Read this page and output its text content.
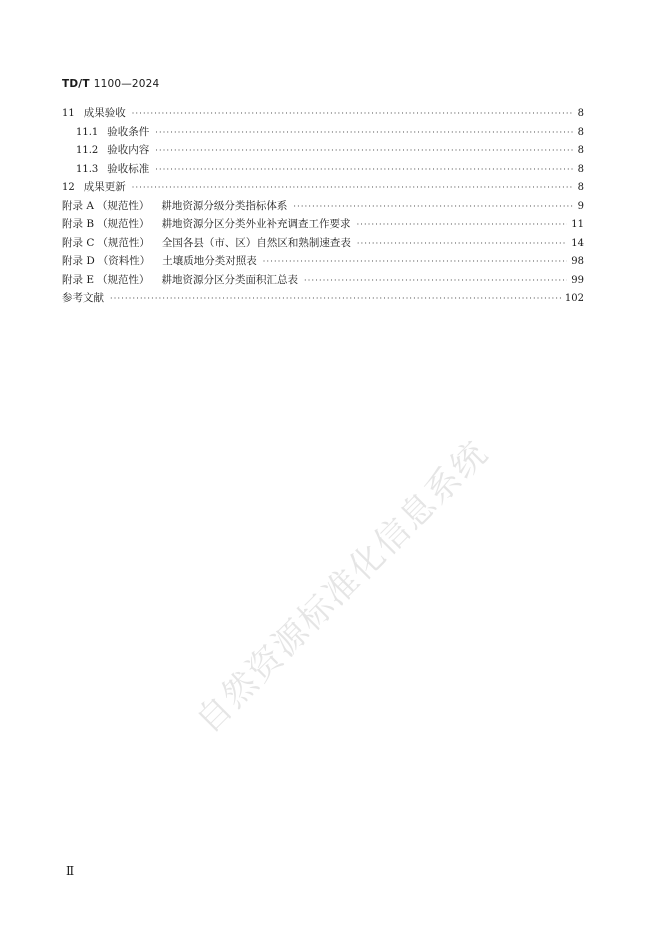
TD/T 1100—2024

11 成果验收 ·····	8
11.1 验收条件 ·····	8
11.2 验收内容 ·····	8
11.3 验收标准 ·····	8
12 成果更新 ·····	8
附录 A （规范性） 耕地资源分级分类指标体系 ·····	9
附录 B （规范性） 耕地资源分区分类外业补充调查工作要求 ·····	11
附录 C （规范性） 全国各县（市、区）自然区和熟制速查表 ·····	14
附录 D （资料性） 土壤质地分类对照表 ·····	98
附录 E （规范性） 耕地资源分区分类面积汇总表 ·····	99
参考文献 ·····	102
自然资源标准化信息系统

Ⅱ
